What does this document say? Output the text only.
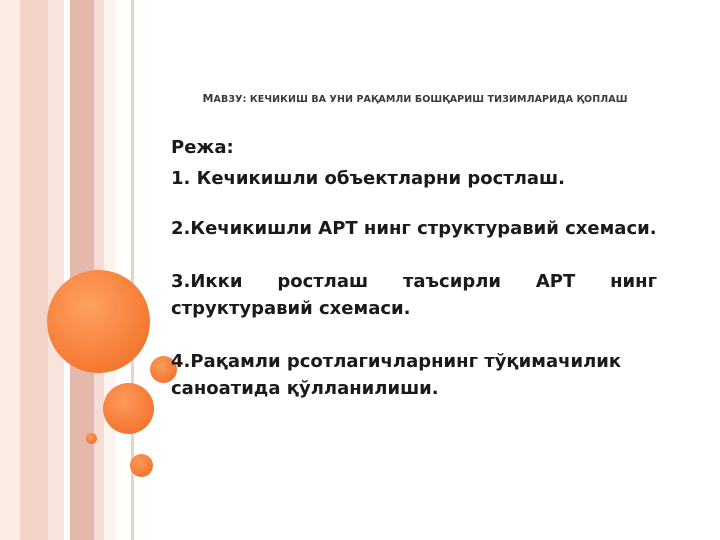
МАВЗУ: КЕЧИКИШ ВА УНИ РАҚАМЛИ БОШҚАРИШ ТИЗИМЛАРИДА ҚОПЛАШ

Режа:

1. Кечикишли объектларни ростлаш.

2.Кечикишли АРТ нинг структуравий схемаси.

3.Икки ростлаш таъсирли АРТ нинг структуравий схемаси.

4.Рақамли рсотлагичларнинг тўқимачилик саноатида қўлланилиши.
